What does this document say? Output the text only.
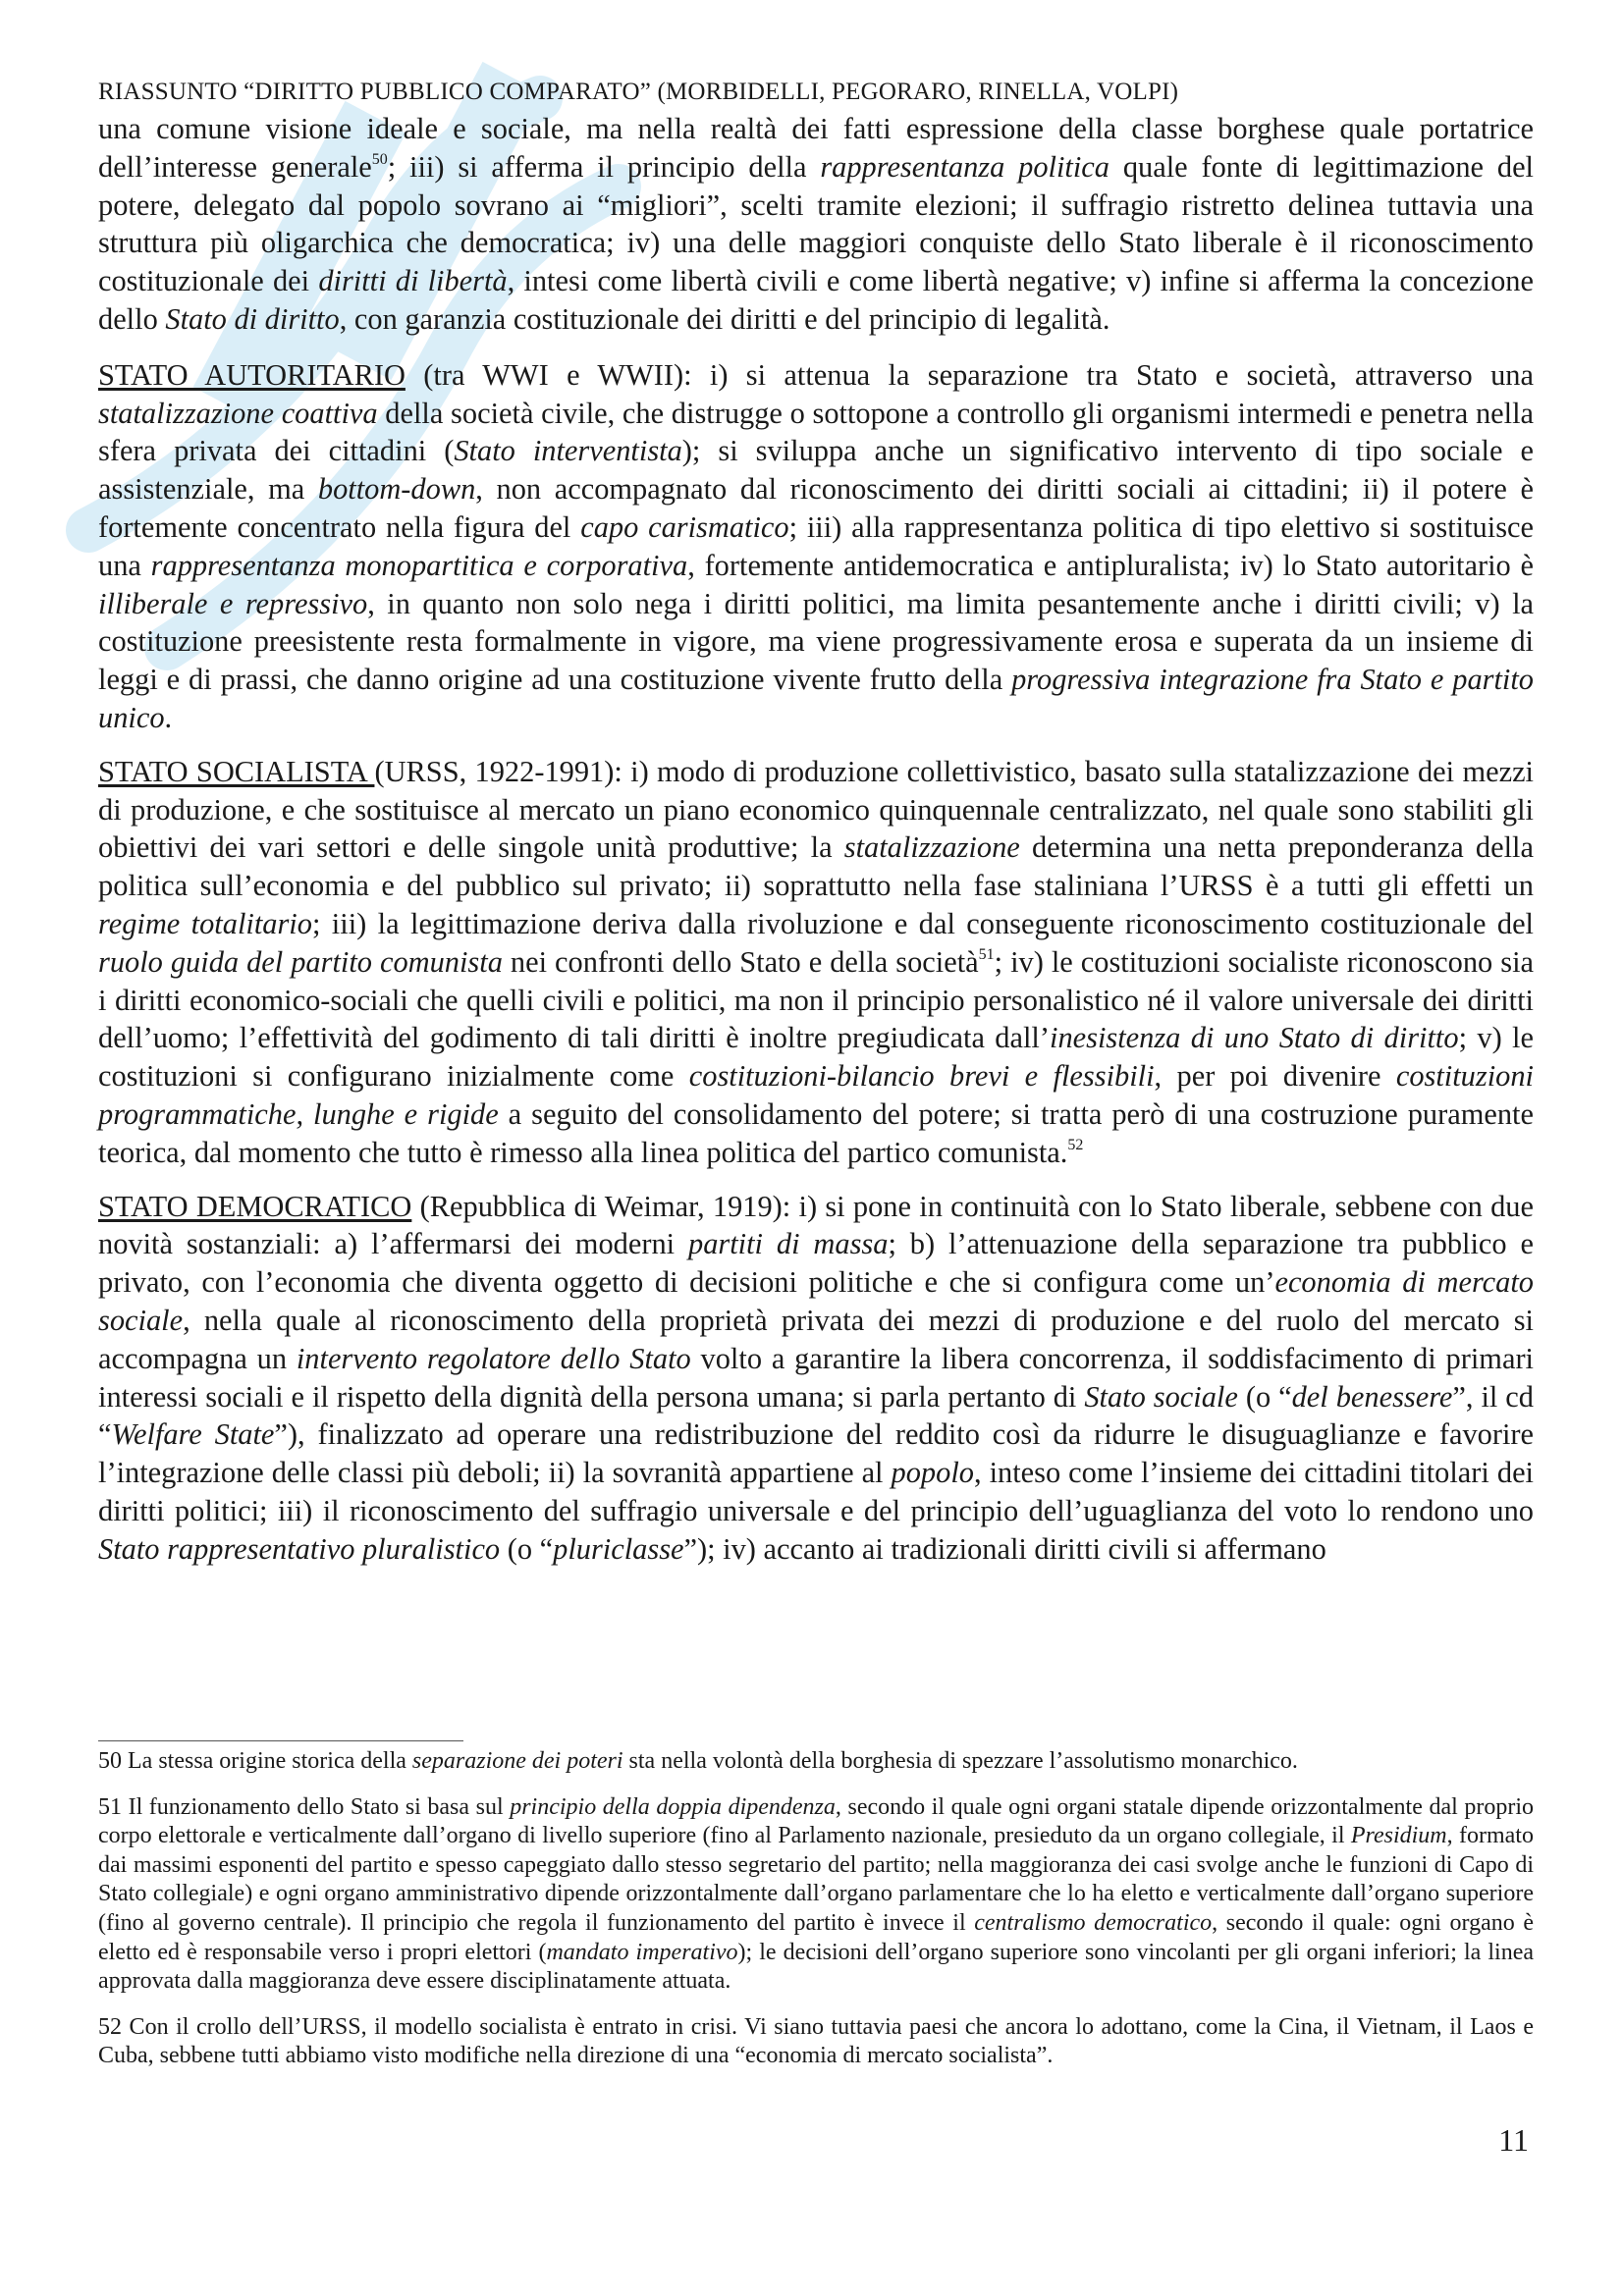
RIASSUNTO “DIRITTO PUBBLICO COMPARATO” (MORBIDELLI, PEGORARO, RINELLA, VOLPI)

una comune visione ideale e sociale, ma nella realtà dei fatti espressione della classe borghese quale portatrice dell’interesse generale$^{50}$; iii) si afferma il principio della rappresentanza politica quale fonte di legittimazione del potere, delegato dal popolo sovrano ai “migliori”, scelti tramite elezioni; il suffragio ristretto delinea tuttavia una struttura più oligarchica che democratica; iv) una delle maggiori conquiste dello Stato liberale è il riconoscimento costituzionale dei diritti di libertà, intesi come libertà civili e come libertà negative; v) infine si afferma la concezione dello Stato di diritto, con garanzia costituzionale dei diritti e del principio di legalità.

STATO AUTORITARIO (tra WWI e WWII): i) si attenua la separazione tra Stato e società, attraverso una statalizzazione coattiva della società civile, che distrugge o sottopone a controllo gli organismi intermedi e penetra nella sfera privata dei cittadini (Stato interventista); si sviluppa anche un significativo intervento di tipo sociale e assistenziale, ma bottom-down, non accompagnato dal riconoscimento dei diritti sociali ai cittadini; ii) il potere è fortemente concentrato nella figura del capo carismatico; iii) alla rappresentanza politica di tipo elettivo si sostituisce una rappresentanza monopartitica e corporativa, fortemente antidemocratica e antipluralista; iv) lo Stato autoritario è illiberale e repressivo, in quanto non solo nega i diritti politici, ma limita pesantemente anche i diritti civili; v) la costituzione preesistente resta formalmente in vigore, ma viene progressivamente erosa e superata da un insieme di leggi e di prassi, che danno origine ad una costituzione vivente frutto della progressiva integrazione fra Stato e partito unico.

STATO SOCIALISTA (URSS, 1922-1991): i) modo di produzione collettivistico, basato sulla statalizzazione dei mezzi di produzione, e che sostituisce al mercato un piano economico quinquennale centralizzato, nel quale sono stabiliti gli obiettivi dei vari settori e delle singole unità produttive; la statalizzazione determina una netta preponderanza della politica sull’economia e del pubblico sul privato; ii) soprattutto nella fase staliniana l’URSS è a tutti gli effetti un regime totalitario; iii) la legittimazione deriva dalla rivoluzione e dal conseguente riconoscimento costituzionale del ruolo guida del partito comunista nei confronti dello Stato e della società$^{51}$; iv) le costituzioni socialiste riconoscono sia i diritti economico-sociali che quelli civili e politici, ma non il principio personalistico né il valore universale dei diritti dell’uomo; l’effettività del godimento di tali diritti è inoltre pregiudicata dall’inesistenza di uno Stato di diritto; v) le costituzioni si configurano inizialmente come costituzioni-bilancio brevi e flessibili, per poi divenire costituzioni programmatiche, lunghe e rigide a seguito del consolidamento del potere; si tratta però di una costruzione puramente teorica, dal momento che tutto è rimesso alla linea politica del partico comunista.$^{52}$

STATO DEMOCRATICO (Repubblica di Weimar, 1919): i) si pone in continuità con lo Stato liberale, sebbene con due novità sostanziali: a) l’affermarsi dei moderni partiti di massa; b) l’attenuazione della separazione tra pubblico e privato, con l’economia che diventa oggetto di decisioni politiche e che si configura come un’economia di mercato sociale, nella quale al riconoscimento della proprietà privata dei mezzi di produzione e del ruolo del mercato si accompagna un intervento regolatore dello Stato volto a garantire la libera concorrenza, il soddisfacimento di primari interessi sociali e il rispetto della dignità della persona umana; si parla pertanto di Stato sociale (o “del benessere”, il cd “Welfare State”), finalizzato ad operare una redistribuzione del reddito così da ridurre le disuguaglianze e favorire l’integrazione delle classi più deboli; ii) la sovranità appartiene al popolo, inteso come l’insieme dei cittadini titolari dei diritti politici; iii) il riconoscimento del suffragio universale e del principio dell’uguaglianza del voto lo rendono uno Stato rappresentativo pluralistico (o “pluriclasse”); iv) accanto ai tradizionali diritti civili si affermano

50 La stessa origine storica della separazione dei poteri sta nella volontà della borghesia di spezzare l’assolutismo monarchico.

51 Il funzionamento dello Stato si basa sul principio della doppia dipendenza, secondo il quale ogni organi statale dipende orizzontalmente dal proprio corpo elettorale e verticalmente dall’organo di livello superiore (fino al Parlamento nazionale, presieduto da un organo collegiale, il Presidium, formato dai massimi esponenti del partito e spesso capeggiato dallo stesso segretario del partito; nella maggioranza dei casi svolge anche le funzioni di Capo di Stato collegiale) e ogni organo amministrativo dipende orizzontalmente dall’organo parlamentare che lo ha eletto e verticalmente dall’organo superiore (fino al governo centrale). Il principio che regola il funzionamento del partito è invece il centralismo democratico, secondo il quale: ogni organo è eletto ed è responsabile verso i propri elettori (mandato imperativo); le decisioni dell’organo superiore sono vincolanti per gli organi inferiori; la linea approvata dalla maggioranza deve essere disciplinatamente attuata.

52 Con il crollo dell’URSS, il modello socialista è entrato in crisi. Vi siano tuttavia paesi che ancora lo adottano, come la Cina, il Vietnam, il Laos e Cuba, sebbene tutti abbiamo visto modifiche nella direzione di una “economia di mercato socialista”.

11
